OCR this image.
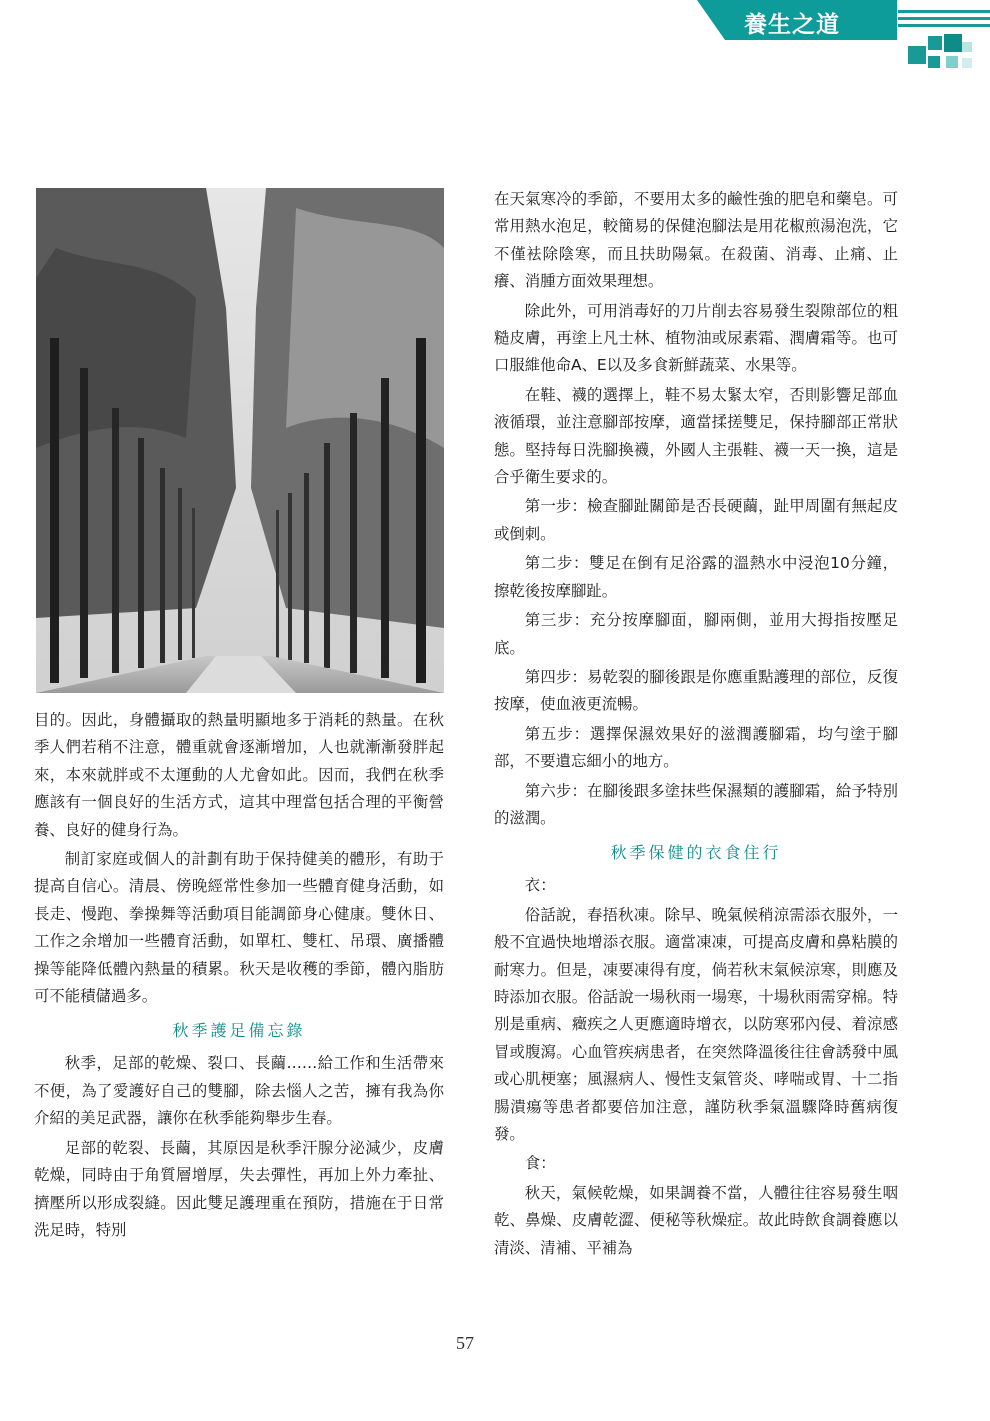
養生之道

目的。因此，身體攝取的熱量明顯地多于消耗的熱量。在秋季人們若稍不注意，體重就會逐漸增加，人也就漸漸發胖起來，本來就胖或不太運動的人尤會如此。因而，我們在秋季應該有一個良好的生活方式，這其中理當包括合理的平衡營養、良好的健身行為。

制訂家庭或個人的計劃有助于保持健美的體形，有助于提高自信心。清晨、傍晚經常性參加一些體育健身活動，如長走、慢跑、拳操舞等活動項目能調節身心健康。雙休日、工作之余增加一些體育活動，如單杠、雙杠、吊環、廣播體操等能降低體內熱量的積累。秋天是收穫的季節，體內脂肪可不能積儲過多。

秋季護足備忘錄

秋季，足部的乾燥、裂口、長繭……給工作和生活帶來不便，為了愛護好自己的雙腳，除去惱人之苦，擁有我為你介紹的美足武器，讓你在秋季能夠舉步生春。

足部的乾裂、長繭，其原因是秋季汗腺分泌減少，皮膚乾燥，同時由于角質層增厚，失去彈性，再加上外力牽扯、擠壓所以形成裂縫。因此雙足護理重在預防，措施在于日常洗足時，特別

在天氣寒冷的季節，不要用太多的鹼性強的肥皂和藥皂。可常用熱水泡足，較簡易的保健泡腳法是用花椒煎湯泡洗，它不僅袪除陰寒，而且扶助陽氣。在殺菌、消毒、止痛、止癢、消腫方面效果理想。

除此外，可用消毒好的刀片削去容易發生裂隙部位的粗糙皮膚，再塗上凡士林、植物油或尿素霜、潤膚霜等。也可口服維他命A、E以及多食新鮮蔬菜、水果等。

在鞋、襪的選擇上，鞋不易太緊太窄，否則影響足部血液循環，並注意腳部按摩，適當揉搓雙足，保持腳部正常狀態。堅持每日洗腳換襪，外國人主張鞋、襪一天一換，這是合乎衛生要求的。

第一步：檢查腳趾關節是否長硬繭，趾甲周圍有無起皮或倒刺。

第二步：雙足在倒有足浴露的溫熱水中浸泡10分鐘，擦乾後按摩腳趾。

第三步：充分按摩腳面，腳兩側，並用大拇指按壓足底。

第四步：易乾裂的腳後跟是你應重點護理的部位，反復按摩，使血液更流暢。

第五步：選擇保濕效果好的滋潤護腳霜，均勻塗于腳部，不要遺忘細小的地方。

第六步：在腳後跟多塗抹些保濕類的護腳霜，給予特別的滋潤。

秋季保健的衣食住行

衣：

俗話說，春捂秋凍。除早、晚氣候稍涼需添衣服外，一般不宜過快地增添衣服。適當凍凍，可提高皮膚和鼻粘膜的耐寒力。但是，凍要凍得有度，倘若秋末氣候涼寒，則應及時添加衣服。俗話說一場秋雨一場寒，十場秋雨需穿棉。特別是重病、癥疾之人更應適時增衣，以防寒邪內侵、着涼感冒或腹瀉。心血管疾病患者，在突然降溫後往往會誘發中風或心肌梗塞；風濕病人、慢性支氣管炎、哮喘或胃、十二指腸潰瘍等患者都要倍加注意，謹防秋季氣溫驟降時舊病復發。

食：

秋天，氣候乾燥，如果調養不當，人體往往容易發生咽乾、鼻燥、皮膚乾澀、便秘等秋燥症。故此時飲食調養應以清淡、清補、平補為

57
